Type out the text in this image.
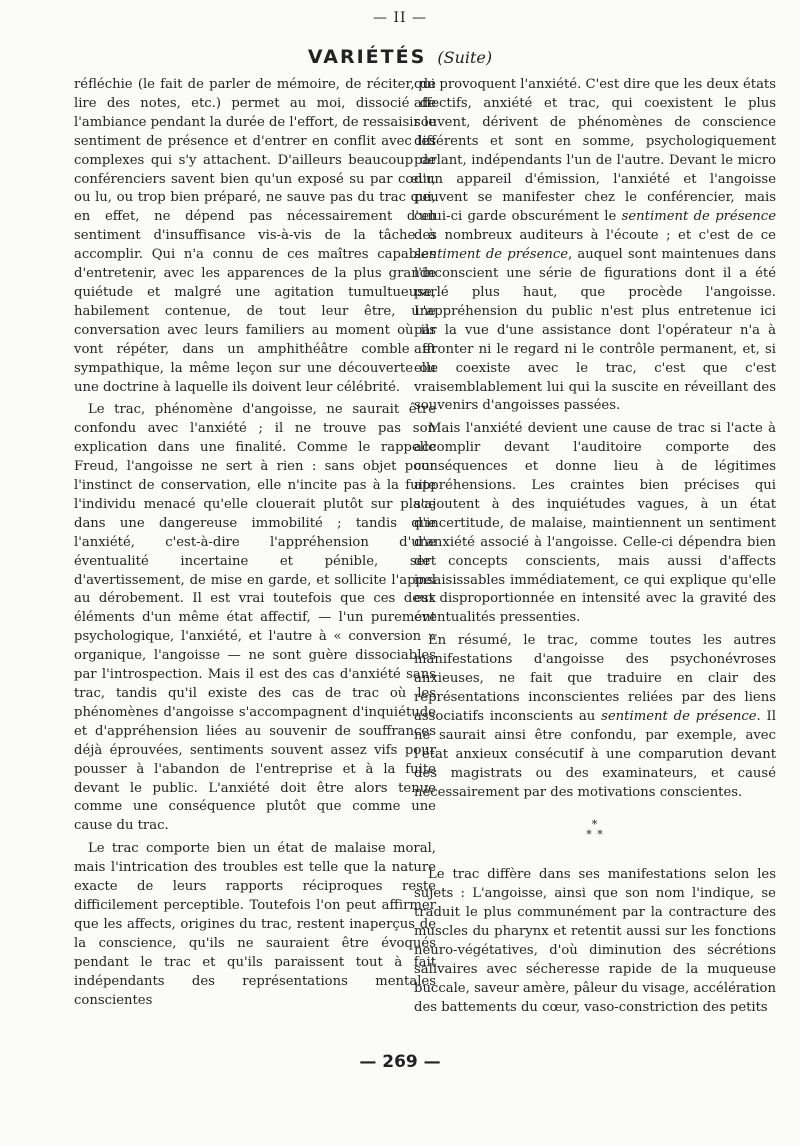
— II —
VARIÉTÉS (Suite)

réfléchie (le fait de parler de mémoire, de réciter, de lire des notes, etc.) permet au moi, dissocié de l'ambiance pendant la durée de l'effort, de ressaisir le sentiment de présence et d'entrer en conflit avec les complexes qui s'y attachent. D'ailleurs beaucoup de conférenciers savent bien qu'un exposé su par cœur, ou lu, ou trop bien préparé, ne sauve pas du trac qui, en effet, ne dépend pas nécessairement d'un sentiment d'insuffisance vis-à-vis de la tâche à accomplir. Qui n'a connu de ces maîtres capables d'entretenir, avec les apparences de la plus grande quiétude et malgré une agitation tumultueuse, habilement contenue, de tout leur être, une conversation avec leurs familiers au moment où ils vont répéter, dans un amphithéâtre comble et sympathique, la même leçon sur une découverte ou une doctrine à laquelle ils doivent leur célébrité.

Le trac, phénomène d'angoisse, ne saurait être confondu avec l'anxiété ; il ne trouve pas son explication dans une finalité. Comme le rappelle Freud, l'angoisse ne sert à rien : sans objet pour l'instinct de conservation, elle n'incite pas à la fuite l'individu menacé qu'elle clouerait plutôt sur place dans une dangereuse immobilité ; tandis que l'anxiété, c'est-à-dire l'appréhension d'une éventualité incertaine et pénible, sert d'avertissement, de mise en garde, et sollicite l'appel au dérobement. Il est vrai toutefois que ces deux éléments d'un même état affectif, — l'un purement psychologique, l'anxiété, et l'autre à « conversion » organique, l'angoisse — ne sont guère dissociables par l'introspection. Mais il est des cas d'anxiété sans trac, tandis qu'il existe des cas de trac où les phénomènes d'angoisse s'accompagnent d'inquiétude et d'appréhension liées au souvenir de souffrances déjà éprouvées, sentiments souvent assez vifs pour pousser à l'abandon de l'entreprise et à la fuite devant le public. L'anxiété doit être alors tenue comme une conséquence plutôt que comme une cause du trac.

Le trac comporte bien un état de malaise moral, mais l'intrication des troubles est telle que la nature exacte de leurs rapports réciproques reste difficilement perceptible. Toutefois l'on peut affirmer que les affects, origines du trac, restent inaperçus de la conscience, qu'ils ne sauraient être évoqués pendant le trac et qu'ils paraissent tout à fait indépendants des représentations mentales conscientes

qui provoquent l'anxiété. C'est dire que les deux états affectifs, anxiété et trac, qui coexistent le plus souvent, dérivent de phénomènes de conscience différents et sont en somme, psychologiquement parlant, indépendants l'un de l'autre. Devant le micro d'un appareil d'émission, l'anxiété et l'angoisse peuvent se manifester chez le conférencier, mais celui-ci garde obscurément le sentiment de présence des nombreux auditeurs à l'écoute ; et c'est de ce sentiment de présence, auquel sont maintenues dans l'inconscient une série de figurations dont il a été parlé plus haut, que procède l'angoisse. L'appréhension du public n'est plus entretenue ici par la vue d'une assistance dont l'opérateur n'a à affronter ni le regard ni le contrôle permanent, et, si elle coexiste avec le trac, c'est que c'est vraisemblablement lui qui la suscite en réveillant des souvenirs d'angoisses passées.

Mais l'anxiété devient une cause de trac si l'acte à accomplir devant l'auditoire comporte des conséquences et donne lieu à de légitimes appréhensions. Les craintes bien précises qui s'ajoutent à des inquiétudes vagues, à un état d'incertitude, de malaise, maintiennent un sentiment d'anxiété associé à l'angoisse. Celle-ci dépendra bien de concepts conscients, mais aussi d'affects insaisissables immédiatement, ce qui explique qu'elle est disproportionnée en intensité avec la gravité des éventualités pressenties.

En résumé, le trac, comme toutes les autres manifestations d'angoisse des psychonévroses anxieuses, ne fait que traduire en clair des représentations inconscientes reliées par des liens associatifs inconscients au sentiment de présence. Il ne saurait ainsi être confondu, par exemple, avec l'état anxieux consécutif à une comparution devant des magistrats ou des examinateurs, et causé nécessairement par des motivations conscientes.

*
* *

Le trac diffère dans ses manifestations selon les sujets : L'angoisse, ainsi que son nom l'indique, se traduit le plus communément par la contracture des muscles du pharynx et retentit aussi sur les fonctions neuro-végétatives, d'où diminution des sécrétions salivaires avec sécheresse rapide de la muqueuse buccale, saveur amère, pâleur du visage, accélération des battements du cœur, vaso-constriction des petits

— 269 —
